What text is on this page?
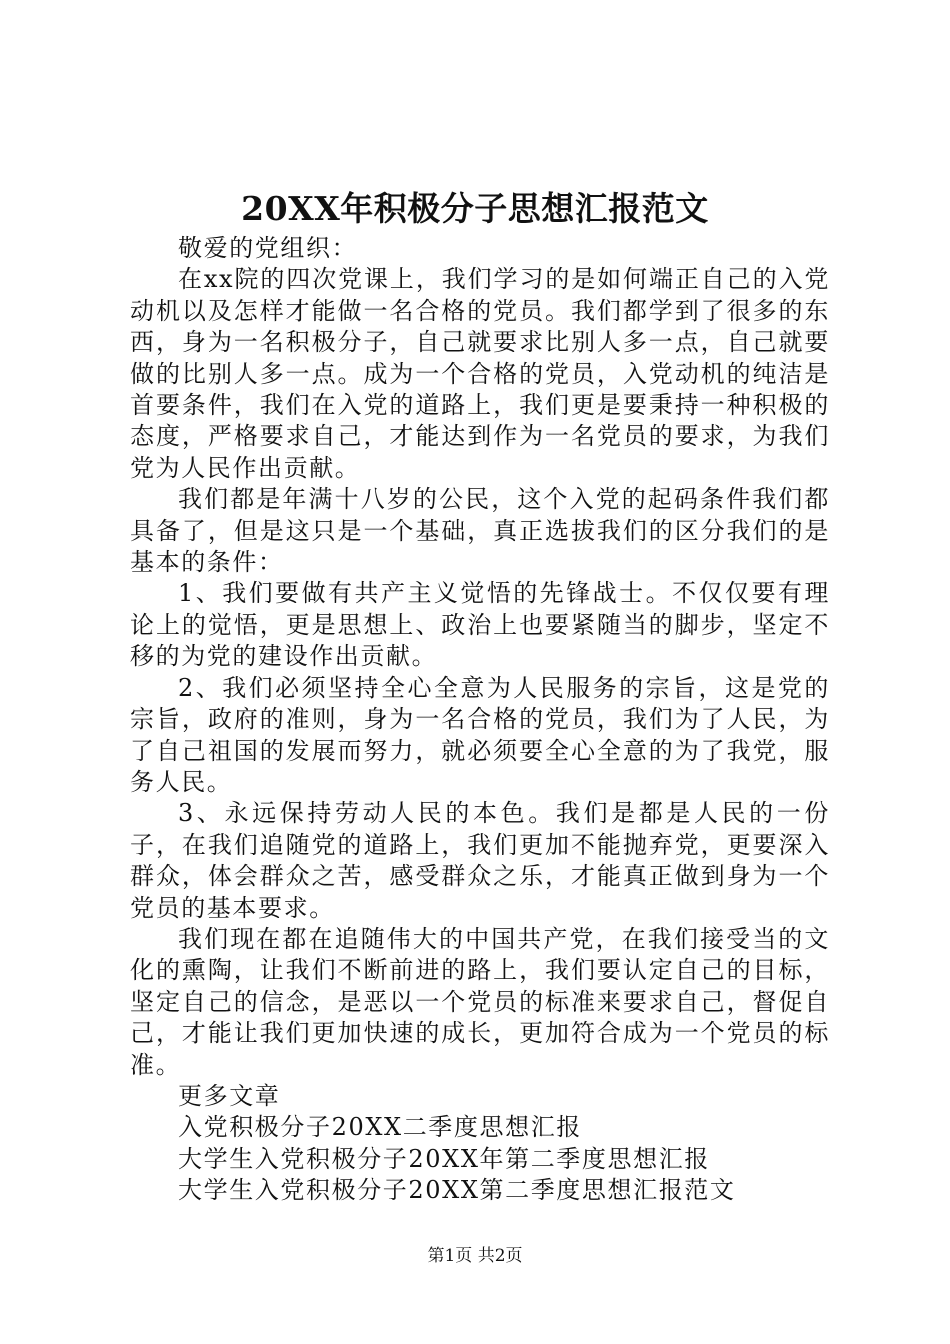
20XX年积极分子思想汇报范文

敬爱的党组织：

在xx院的四次党课上，我们学习的是如何端正自己的入党动机以及怎样才能做一名合格的党员。我们都学到了很多的东西，身为一名积极分子，自己就要求比别人多一点，自己就要做的比别人多一点。成为一个合格的党员，入党动机的纯洁是首要条件，我们在入党的道路上，我们更是要秉持一种积极的态度，严格要求自己，才能达到作为一名党员的要求，为我们党为人民作出贡献。

我们都是年满十八岁的公民，这个入党的起码条件我们都具备了，但是这只是一个基础，真正选拔我们的区分我们的是基本的条件：

1、我们要做有共产主义觉悟的先锋战士。不仅仅要有理论上的觉悟，更是思想上、政治上也要紧随当的脚步，坚定不移的为党的建设作出贡献。

2、我们必须坚持全心全意为人民服务的宗旨，这是党的宗旨，政府的准则，身为一名合格的党员，我们为了人民，为了自己祖国的发展而努力，就必须要全心全意的为了我党，服务人民。

3、永远保持劳动人民的本色。我们是都是人民的一份子，在我们追随党的道路上，我们更加不能抛弃党，更要深入群众，体会群众之苦，感受群众之乐，才能真正做到身为一个党员的基本要求。

我们现在都在追随伟大的中国共产党，在我们接受当的文化的熏陶，让我们不断前进的路上，我们要认定自己的目标，坚定自己的信念，是恶以一个党员的标准来要求自己，督促自己，才能让我们更加快速的成长，更加符合成为一个党员的标准。

更多文章

入党积极分子20XX二季度思想汇报
大学生入党积极分子20XX年第二季度思想汇报
大学生入党积极分子20XX第二季度思想汇报范文
第1页 共2页
